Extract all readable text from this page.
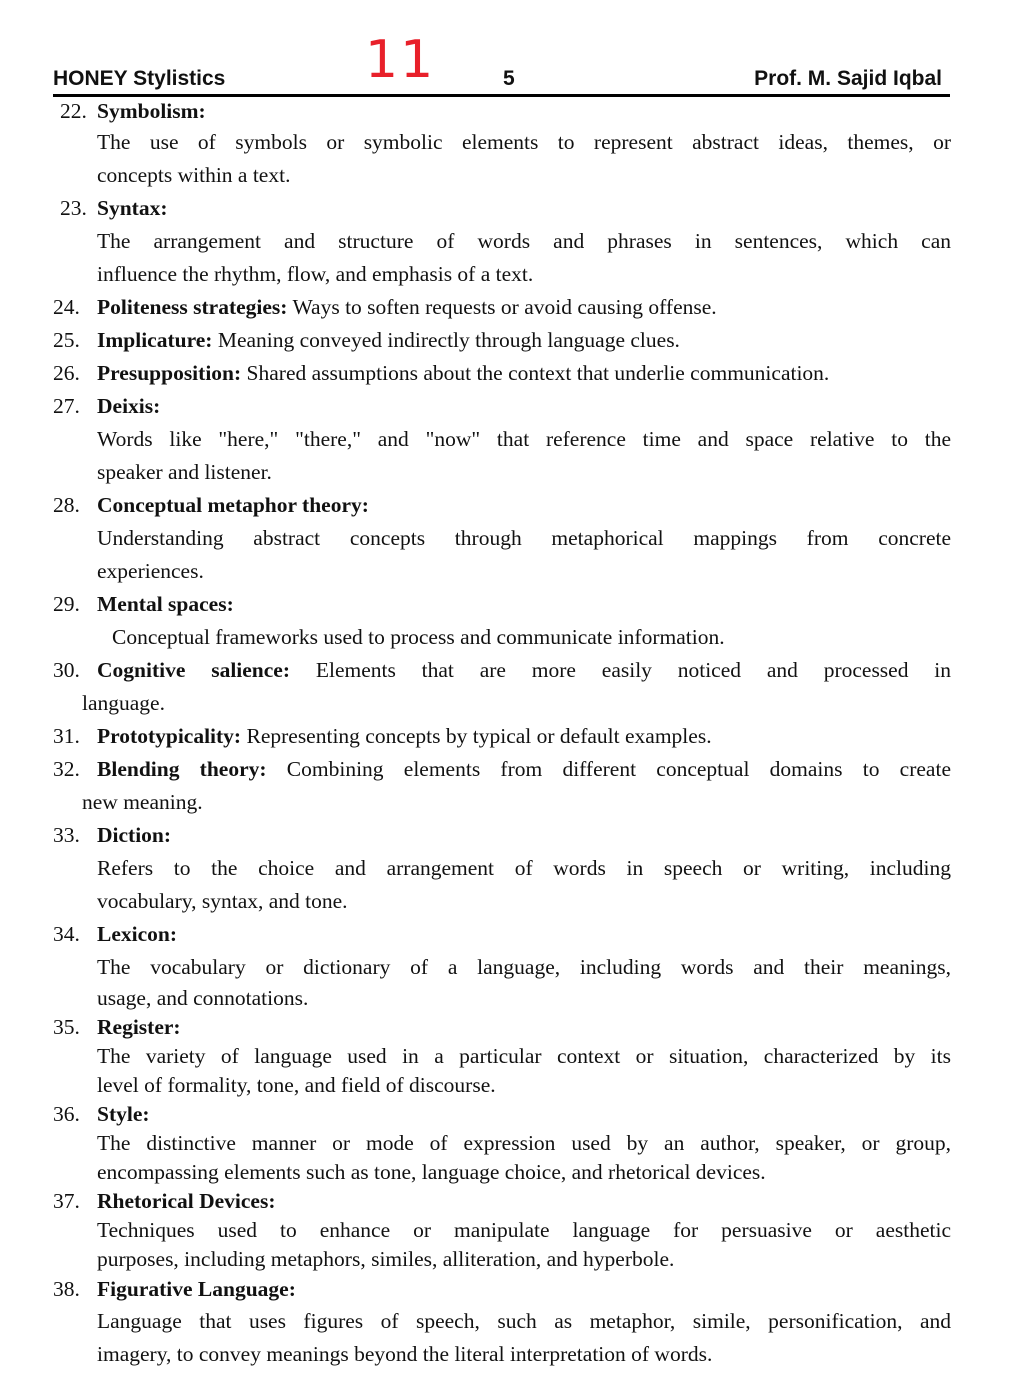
HONEY Stylistics	11	5	Prof. M. Sajid Iqbal
22. Symbolism:
The use of symbols or symbolic elements to represent abstract ideas, themes, or
concepts within a text.
23. Syntax:
The arrangement and structure of words and phrases in sentences, which can
influence the rhythm, flow, and emphasis of a text.
24. Politeness strategies: Ways to soften requests or avoid causing offense.
25. Implicature: Meaning conveyed indirectly through language clues.
26. Presupposition: Shared assumptions about the context that underlie communication.
27. Deixis:
Words like "here," "there," and "now" that reference time and space relative to the
speaker and listener.
28. Conceptual metaphor theory:
Understanding abstract concepts through metaphorical mappings from concrete
experiences.
29. Mental spaces:
Conceptual frameworks used to process and communicate information.
30. Cognitive salience: Elements that are more easily noticed and processed in
language.
31. Prototypicality: Representing concepts by typical or default examples.
32. Blending theory: Combining elements from different conceptual domains to create
new meaning.
33. Diction:
Refers to the choice and arrangement of words in speech or writing, including
vocabulary, syntax, and tone.
34. Lexicon:
The vocabulary or dictionary of a language, including words and their meanings,
usage, and connotations.
35. Register:
The variety of language used in a particular context or situation, characterized by its
level of formality, tone, and field of discourse.
36. Style:
The distinctive manner or mode of expression used by an author, speaker, or group,
encompassing elements such as tone, language choice, and rhetorical devices.
37. Rhetorical Devices:
Techniques used to enhance or manipulate language for persuasive or aesthetic
purposes, including metaphors, similes, alliteration, and hyperbole.
38. Figurative Language:
Language that uses figures of speech, such as metaphor, simile, personification, and
imagery, to convey meanings beyond the literal interpretation of words.
